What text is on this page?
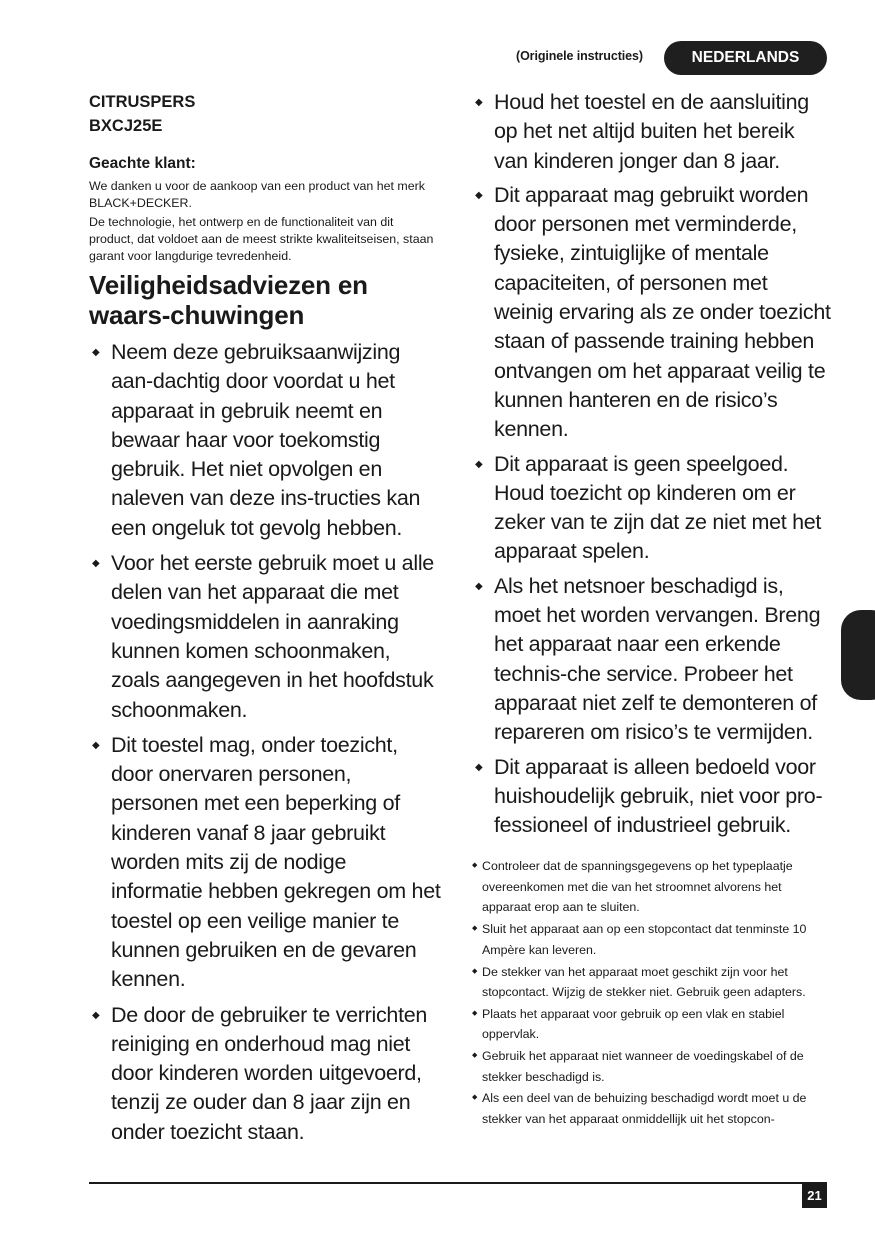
(Originele instructies)	NEDERLANDS
CITRUSPERS
BXCJ25E
Geachte klant:

We danken u voor de aankoop van een product van het merk BLACK+DECKER.

De technologie, het ontwerp en de functionaliteit van dit product, dat voldoet aan de meest strikte kwaliteitseisen, staan garant voor langdurige tevredenheid.

Veiligheidsadviezen en waars-chuwingen
◆ Neem deze gebruiksaanwijzing aan-dachtig door voordat u het apparaat in gebruik neemt en bewaar haar voor toekomstig gebruik. Het niet opvolgen en naleven van deze ins-tructies kan een ongeluk tot gevolg hebben.
◆ Voor het eerste gebruik moet u alle delen van het apparaat die met voedingsmiddelen in aanraking kunnen komen schoonmaken, zoals aangegeven in het hoofdstuk schoonmaken.
◆ Dit toestel mag, onder toezicht, door onervaren personen, personen met een beperking of kinderen vanaf 8 jaar gebruikt worden mits zij de nodige informatie hebben gekregen om het toestel op een veilige manier te kunnen gebruiken en de gevaren kennen.
◆ De door de gebruiker te verrichten reiniging en onderhoud mag niet door kinderen worden uitgevoerd, tenzij ze ouder dan 8 jaar zijn en onder toezicht staan.
◆ Houd het toestel en de aansluiting op het net altijd buiten het bereik van kinderen jonger dan 8 jaar.
◆ Dit apparaat mag gebruikt worden door personen met verminderde, fysieke, zintuiglijke of mentale capaciteiten, of personen met weinig ervaring als ze onder toezicht staan of passende training hebben ontvangen om het apparaat veilig te kunnen hanteren en de risico’s kennen.
◆ Dit apparaat is geen speelgoed. Houd toezicht op kinderen om er zeker van te zijn dat ze niet met het apparaat spelen.
◆ Als het netsnoer beschadigd is, moet het worden vervangen. Breng het apparaat naar een erkende technis-che service. Probeer het apparaat niet zelf te demonteren of repareren om risico’s te vermijden.
◆ Dit apparaat is alleen bedoeld voor huishoudelijk gebruik, niet voor pro-fessioneel of industrieel gebruik.
◆ Controleer dat de spanningsgegevens op het typeplaatje overeenkomen met die van het stroomnet alvorens het apparaat erop aan te sluiten.
◆ Sluit het apparaat aan op een stopcontact dat tenminste 10 Ampère kan leveren.
◆ De stekker van het apparaat moet geschikt zijn voor het stopcontact. Wijzig de stekker niet. Gebruik geen adapters.
◆ Plaats het apparaat voor gebruik op een vlak en stabiel oppervlak.
◆ Gebruik het apparaat niet wanneer de voedingskabel of de stekker beschadigd is.
◆ Als een deel van de behuizing beschadigd wordt moet u de stekker van het apparaat onmiddellijk uit het stopcon-
21
